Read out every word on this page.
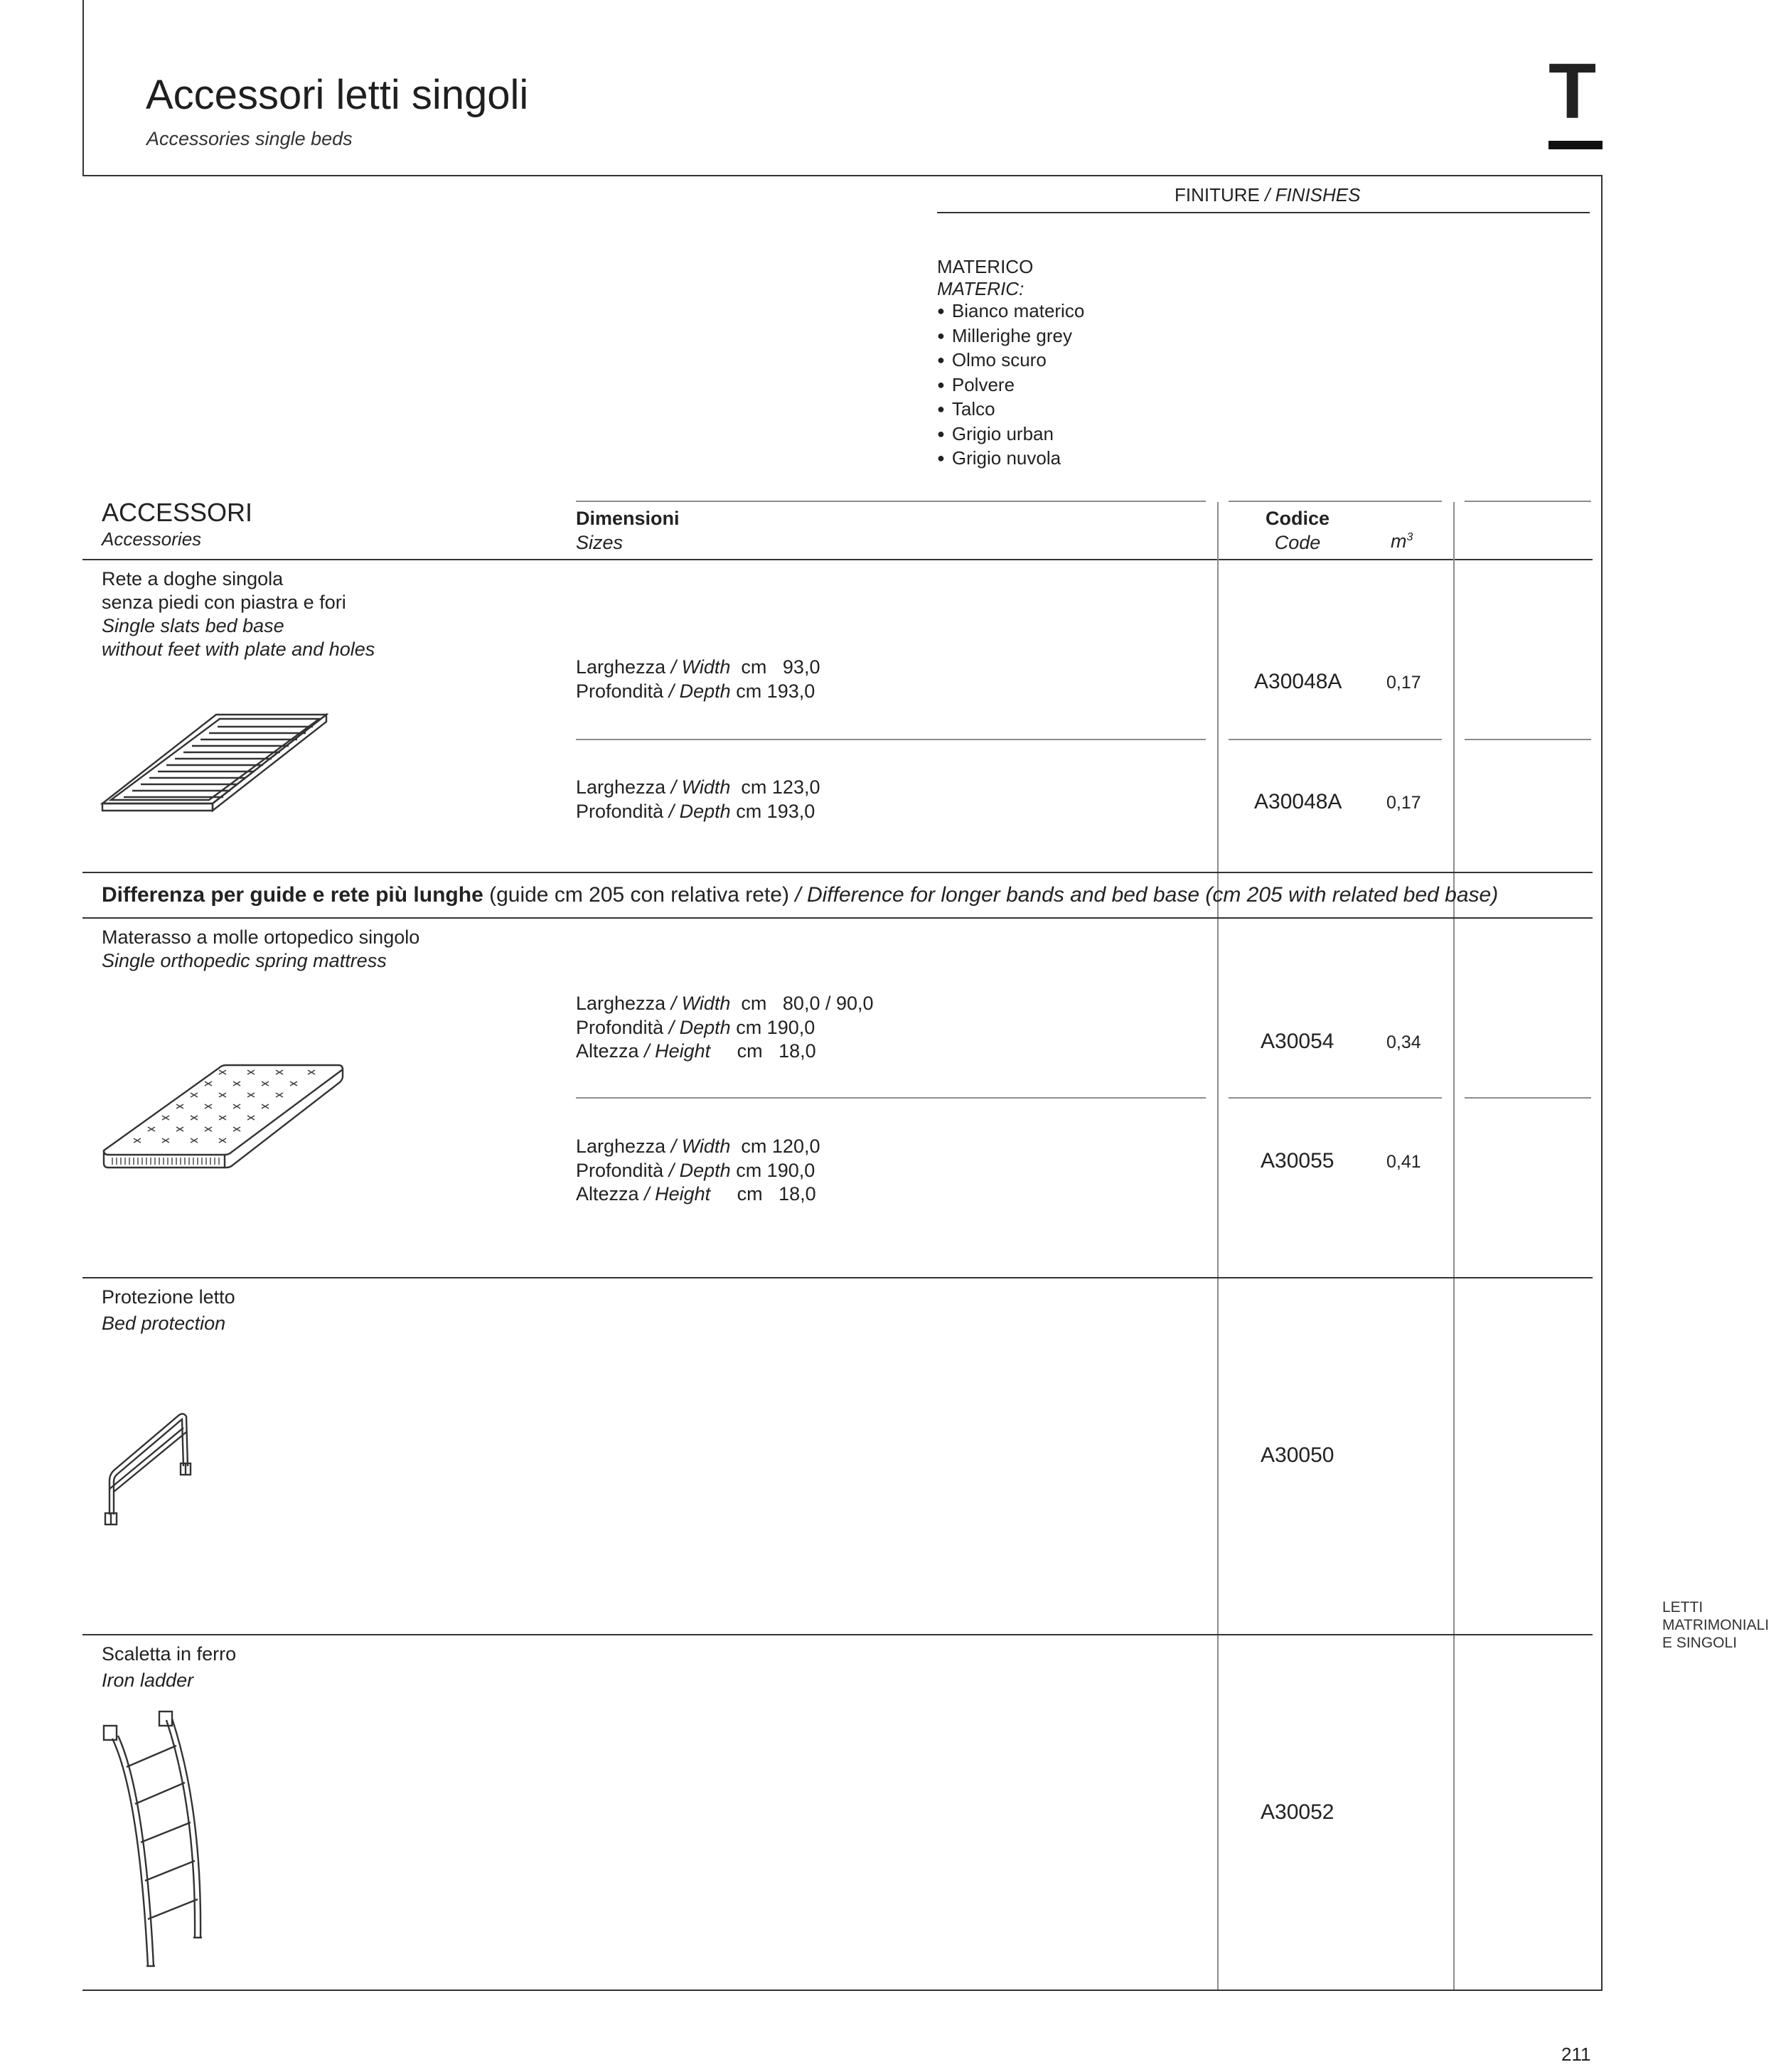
Accessori letti singoli
Accessories single beds
T
FINITURE / FINISHES
MATERICO
MATERIC:
● Bianco materico
● Millerighe grey
● Olmo scuro
● Polvere
● Talco
● Grigio urban
● Grigio nuvola
ACCESSORI
Accessories
Dimensioni
Sizes
Codice
Code	$m^3$
Rete a doghe singola
senza piedi con piastra e fori
Single slats bed base
without feet with plate and holes
Larghezza / Width cm   93,0
Profondità / Depth cm 193,0	A30048A	0,17
Larghezza / Width cm 123,0
Profondità / Depth cm 193,0	A30048A	0,17
Differenza per guide e rete più lunghe (guide cm 205 con relativa rete) / Difference for longer bands and bed base (cm 205 with related bed base)
Materasso a molle ortopedico singolo
Single orthopedic spring mattress
Larghezza / Width cm   80,0 / 90,0
Profondità / Depth cm 190,0
Altezza / Height cm   18,0	A30054	0,34
Larghezza / Width cm 120,0
Profondità / Depth cm 190,0
Altezza / Height cm   18,0
A30055	0,41
Protezione letto
Bed protection
A30050
Scaletta in ferro
Iron ladder
A30052
LETTI
MATRIMONIALI
E SINGOLI
211
